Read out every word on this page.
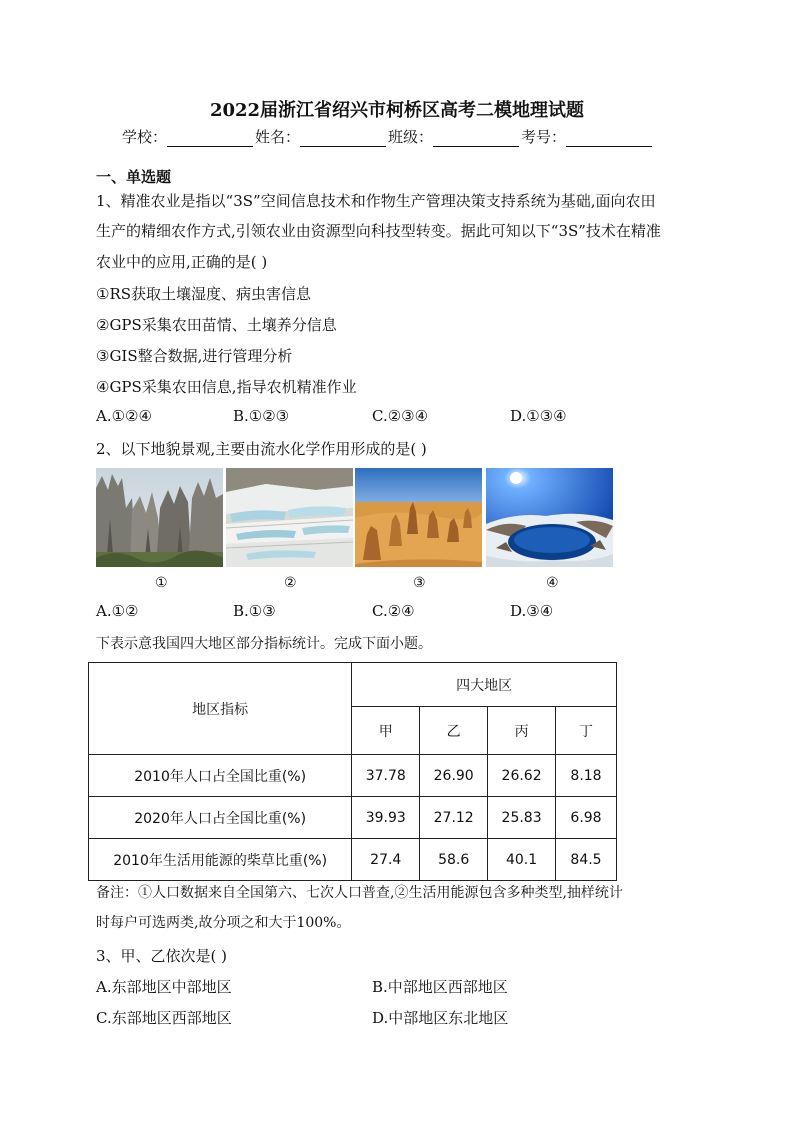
2022届浙江省绍兴市柯桥区高考二模地理试题
学校：	姓名：	班级：	考号：
一、单选题
1、精准农业是指以“3S”空间信息技术和作物生产管理决策支持系统为基础,面向农田
生产的精细农作方式,引领农业由资源型向科技型转变。据此可知以下“3S”技术在精准
农业中的应用,正确的是( )
①RS获取土壤湿度、病虫害信息
②GPS采集农田苗情、土壤养分信息
③GIS整合数据,进行管理分析
④GPS采集农田信息,指导农机精准作业
A.①②④	B.①②③	C.②③④	D.①③④
2、以下地貌景观,主要由流水化学作用形成的是( )
①	②	③	④
A.①②	B.①③	C.②④	D.③④
下表示意我国四大地区部分指标统计。完成下面小题。
地区指标	四大地区			
	甲	乙	丙	丁
2010年人口占全国比重(%)	37.78	26.90	26.62	8.18
2020年人口占全国比重(%)	39.93	27.12	25.83	6.98
2010年生活用能源的柴草比重(%)	27.4	58.6	40.1	84.5
备注：①人口数据来自全国第六、七次人口普查,②生活用能源包含多种类型,抽样统计
时每户可选两类,故分项之和大于100%。
3、甲、乙依次是( )
A.东部地区中部地区	B.中部地区西部地区
C.东部地区西部地区	D.中部地区东北地区
